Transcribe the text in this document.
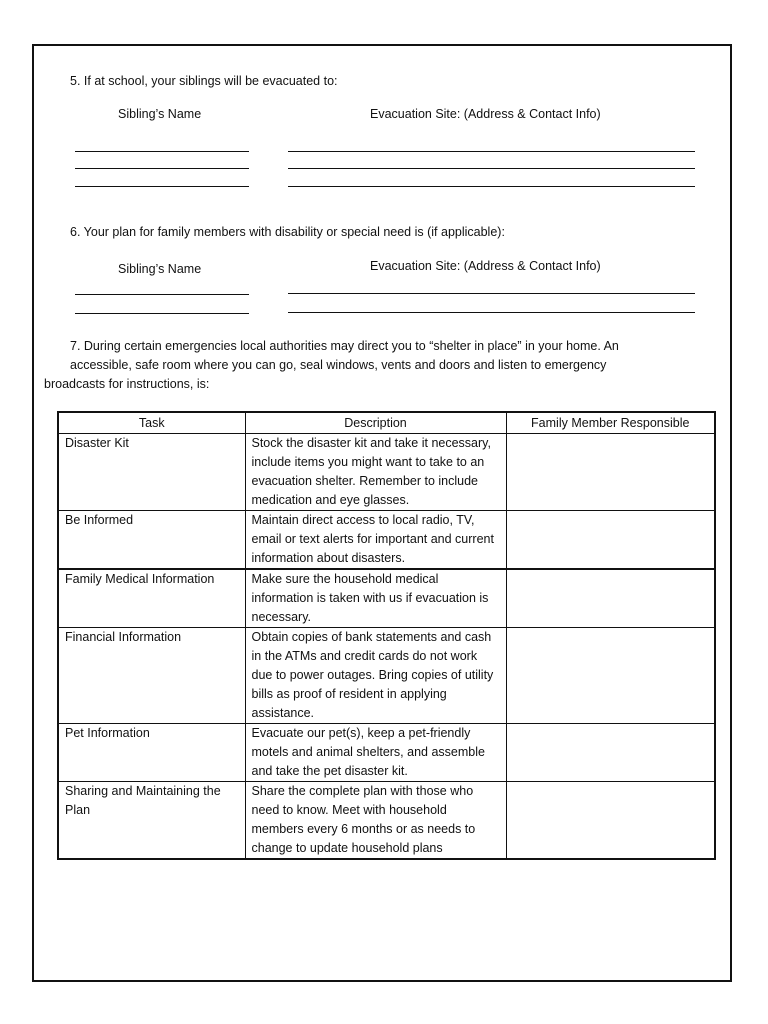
5. If at school, your siblings will be evacuated to:
Sibling’s Name	Evacuation Site: (Address & Contact Info)
6. Your plan for family members with disability or special need is (if applicable):
Sibling’s Name	Evacuation Site: (Address & Contact Info)
7. During certain emergencies local authorities may direct you to “shelter in place” in your home. An
accessible, safe room where you can go, seal windows, vents and doors and listen to emergency
broadcasts for instructions, is:
Task	Description	Family Member Responsible
Disaster Kit	Stock the disaster kit and take it necessary, include items you might want to take to an evacuation shelter. Remember to include medication and eye glasses.	
Be Informed	Maintain direct access to local radio, TV, email or text alerts for important and current information about disasters.	
Family Medical Information	Make sure the household medical information is taken with us if evacuation is necessary.	
Financial Information	Obtain copies of bank statements and cash in the ATMs and credit cards do not work due to power outages. Bring copies of utility bills as proof of resident in applying assistance.	
Pet Information	Evacuate our pet(s), keep a pet-friendly motels and animal shelters, and assemble and take the pet disaster kit.	
Sharing and Maintaining the Plan	Share the complete plan with those who need to know. Meet with household members every 6 months or as needs to change to update household plans	
